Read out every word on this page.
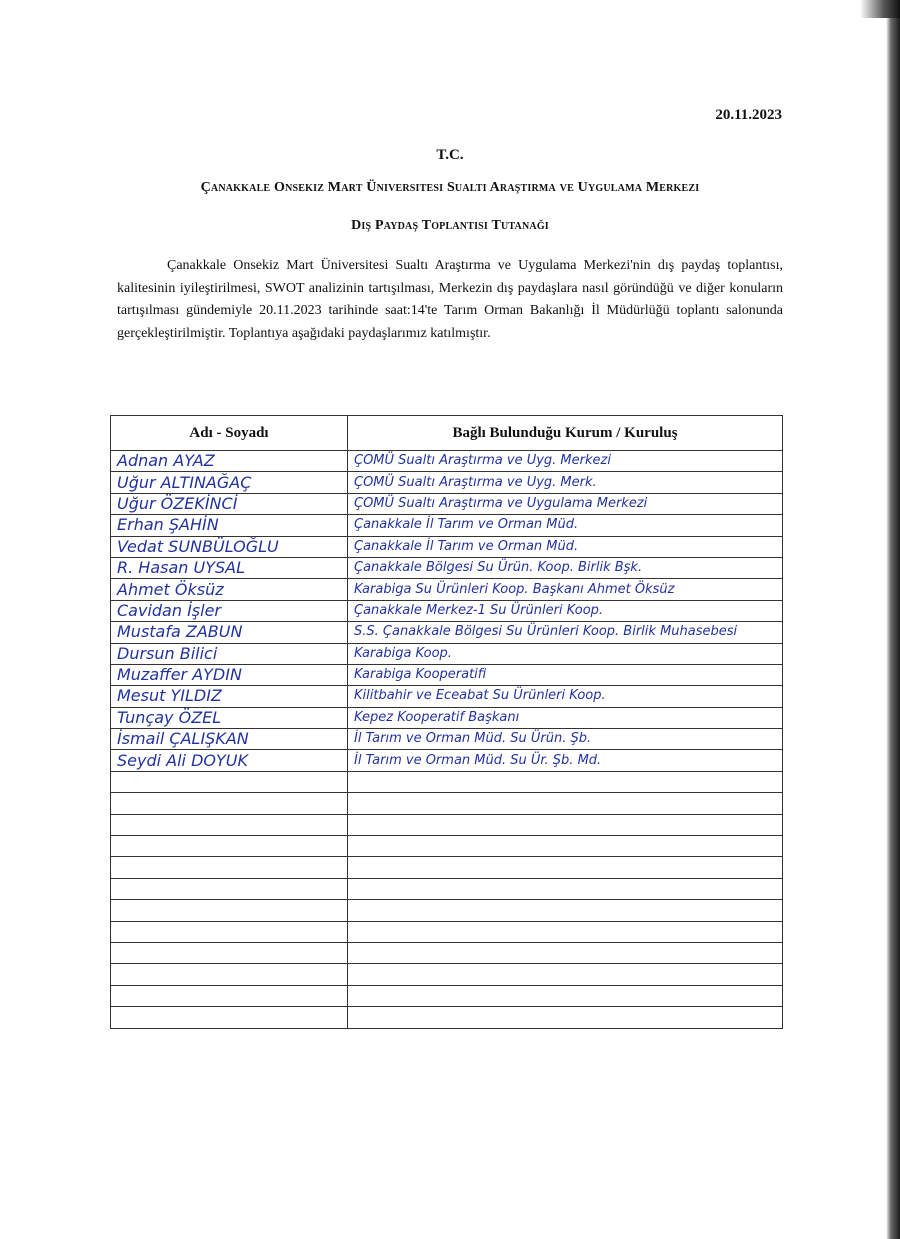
20.11.2023
T.C.
Çanakkale Onsekiz Mart Üniversitesi Sualtı Araştırma ve Uygulama Merkezi
Dış Paydaş Toplantısı Tutanağı

Çanakkale Onsekiz Mart Üniversitesi Sualtı Araştırma ve Uygulama Merkezi'nin dış paydaş toplantısı, kalitesinin iyileştirilmesi, SWOT analizinin tartışılması, Merkezin dış paydaşlara nasıl göründüğü ve diğer konuların tartışılması gündemiyle 20.11.2023 tarihinde saat:14'te Tarım Orman Bakanlığı İl Müdürlüğü toplantı salonunda gerçekleştirilmiştir. Toplantıya aşağıdaki paydaşlarımız katılmıştır.

Adı - Soyadı	Bağlı Bulunduğu Kurum / Kuruluş

Adnan AYAZ	ÇOMÜ Sualtı Araştırma ve Uyg. Merkezi

Uğur ALTINAĞAÇ	ÇOMÜ Sualtı Araştırma ve Uyg. Merk.

Uğur ÖZEKİNCİ	ÇOMÜ Sualtı Araştırma ve Uygulama Merkezi

Erhan ŞAHİN	Çanakkale İl Tarım ve Orman Müd.

Vedat SUNBÜLOĞLU	Çanakkale İl Tarım ve Orman Müd.

R. Hasan UYSAL	Çanakkale Bölgesi Su Ürün. Koop. Birlik Bşk.

Ahmet Öksüz	Karabiga Su Ürünleri Koop. Başkanı Ahmet Öksüz

Cavidan İşler	Çanakkale Merkez-1 Su Ürünleri Koop.

Mustafa ZABUN	S.S. Çanakkale Bölgesi Su Ürünleri Koop. Birlik Muhasebesi

Dursun Bilici	Karabiga Koop.

Muzaffer AYDIN	Karabiga Kooperatifi

Mesut YILDIZ	Kilitbahir ve Eceabat Su Ürünleri Koop.

Tunçay ÖZEL	Kepez Kooperatif Başkanı

İsmail ÇALIŞKAN	İl Tarım ve Orman Müd. Su Ürün. Şb.

Seydi Ali DOYUK	İl Tarım ve Orman Müd. Su Ür. Şb. Md.
